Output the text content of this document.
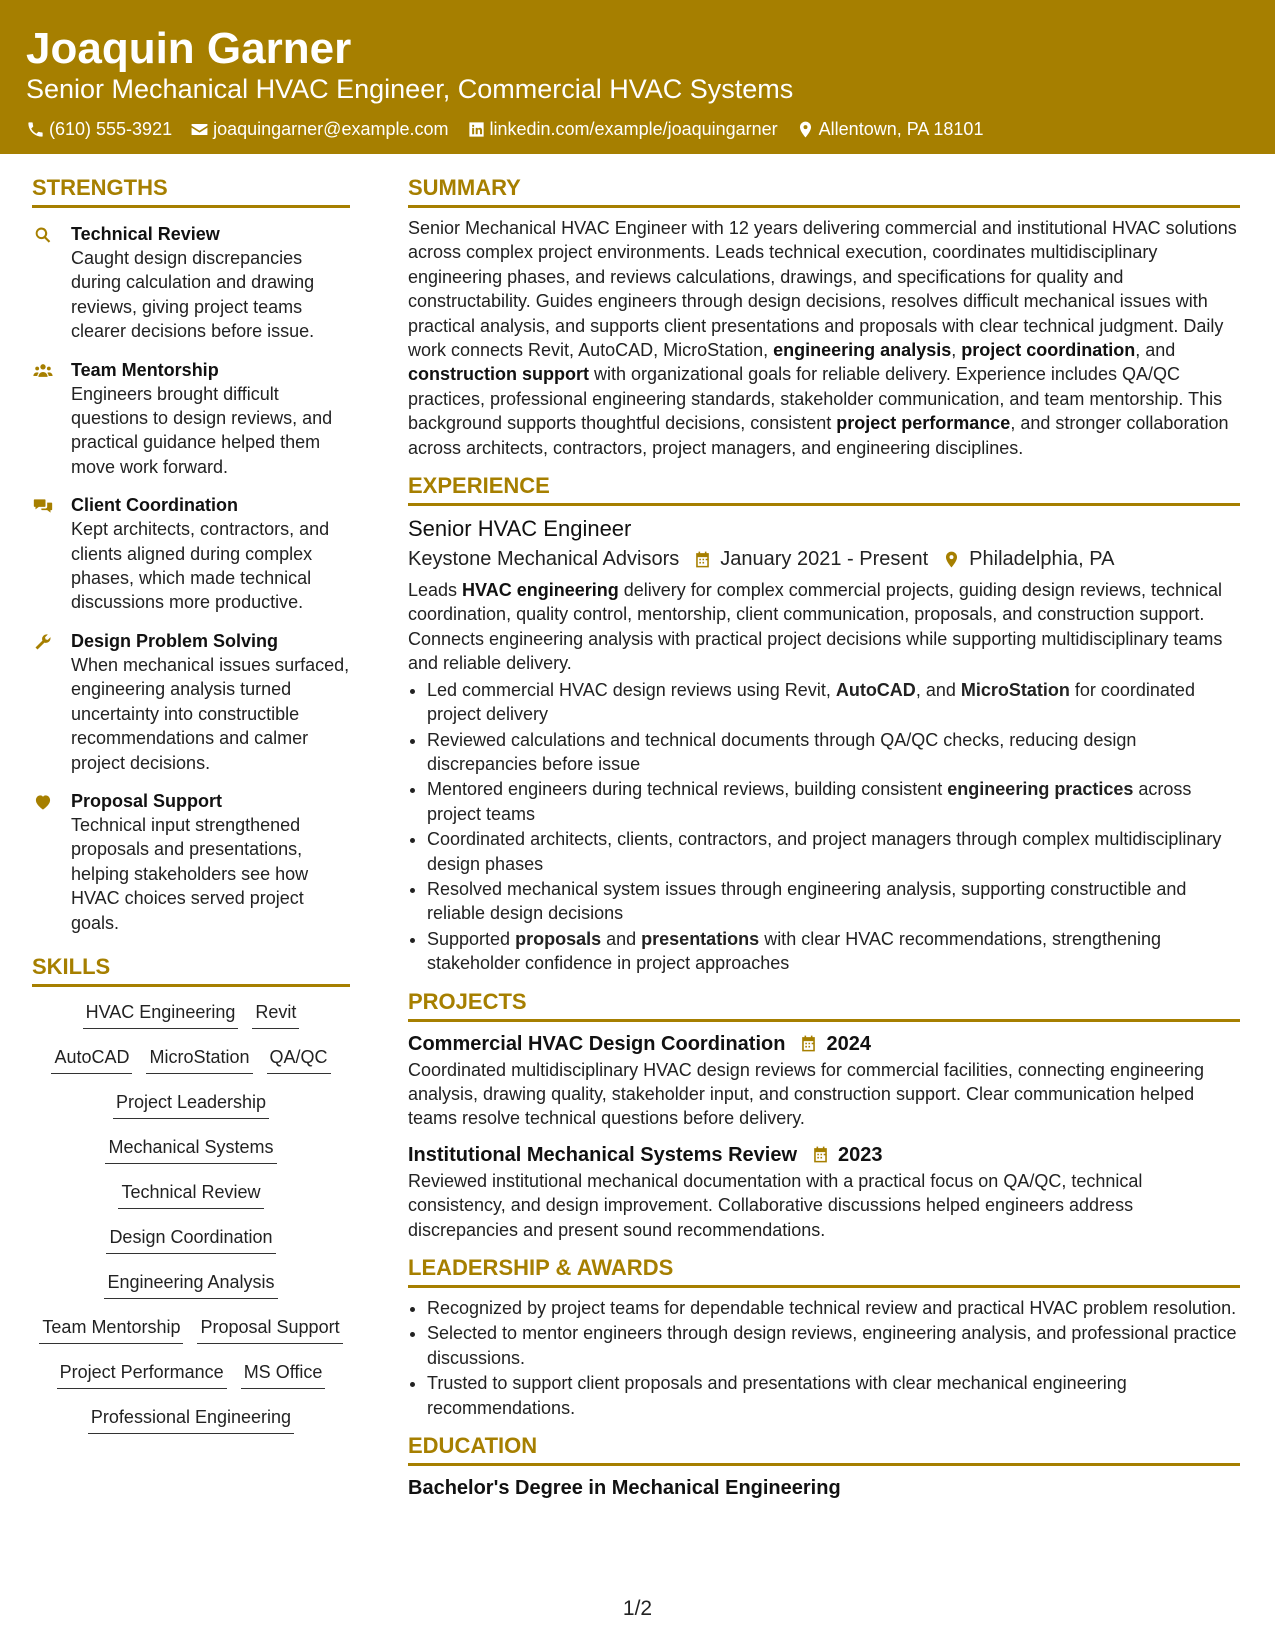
Joaquin Garner
Senior Mechanical HVAC Engineer, Commercial HVAC Systems
(610) 555-3921 joaquingarner@example.com linkedin.com/example/joaquingarner Allentown, PA 18101
STRENGTHS
Technical Review
Caught design discrepancies during calculation and drawing reviews, giving project teams clearer decisions before issue.
Team Mentorship
Engineers brought difficult questions to design reviews, and practical guidance helped them move work forward.
Client Coordination
Kept architects, contractors, and clients aligned during complex phases, which made technical discussions more productive.
Design Problem Solving
When mechanical issues surfaced, engineering analysis turned uncertainty into constructible recommendations and calmer project decisions.
Proposal Support
Technical input strengthened proposals and presentations, helping stakeholders see how HVAC choices served project goals.
SKILLS
HVAC Engineering Revit
AutoCAD MicroStation QA/QC
Project Leadership
Mechanical Systems
Technical Review
Design Coordination
Engineering Analysis
Team Mentorship Proposal Support
Project Performance MS Office
Professional Engineering
SUMMARY

Senior Mechanical HVAC Engineer with 12 years delivering commercial and institutional HVAC solutions across complex project environments. Leads technical execution, coordinates multidisciplinary engineering phases, and reviews calculations, drawings, and specifications for quality and constructability. Guides engineers through design decisions, resolves difficult mechanical issues with practical analysis, and supports client presentations and proposals with clear technical judgment. Daily work connects Revit, AutoCAD, MicroStation, engineering analysis, project coordination, and construction support with organizational goals for reliable delivery. Experience includes QA/QC practices, professional engineering standards, stakeholder communication, and team mentorship. This background supports thoughtful decisions, consistent project performance, and stronger collaboration across architects, contractors, project managers, and engineering disciplines.

EXPERIENCE
Senior HVAC Engineer
Keystone Mechanical Advisors January 2021 - Present Philadelphia, PA

Leads HVAC engineering delivery for complex commercial projects, guiding design reviews, technical coordination, quality control, mentorship, client communication, proposals, and construction support. Connects engineering analysis with practical project decisions while supporting multidisciplinary teams and reliable delivery.

• Led commercial HVAC design reviews using Revit, AutoCAD, and MicroStation for coordinated project delivery
• Reviewed calculations and technical documents through QA/QC checks, reducing design discrepancies before issue
• Mentored engineers during technical reviews, building consistent engineering practices across project teams
• Coordinated architects, clients, contractors, and project managers through complex multidisciplinary design phases
• Resolved mechanical system issues through engineering analysis, supporting constructible and reliable design decisions
• Supported proposals and presentations with clear HVAC recommendations, strengthening stakeholder confidence in project approaches
PROJECTS
Commercial HVAC Design Coordination 2024

Coordinated multidisciplinary HVAC design reviews for commercial facilities, connecting engineering analysis, drawing quality, stakeholder input, and construction support. Clear communication helped teams resolve technical questions before delivery.

Institutional Mechanical Systems Review 2023

Reviewed institutional mechanical documentation with a practical focus on QA/QC, technical consistency, and design improvement. Collaborative discussions helped engineers address discrepancies and present sound recommendations.

LEADERSHIP & AWARDS
• Recognized by project teams for dependable technical review and practical HVAC problem resolution.
• Selected to mentor engineers through design reviews, engineering analysis, and professional practice discussions.
• Trusted to support client proposals and presentations with clear mechanical engineering recommendations.
EDUCATION
Bachelor's Degree in Mechanical Engineering
1/2
